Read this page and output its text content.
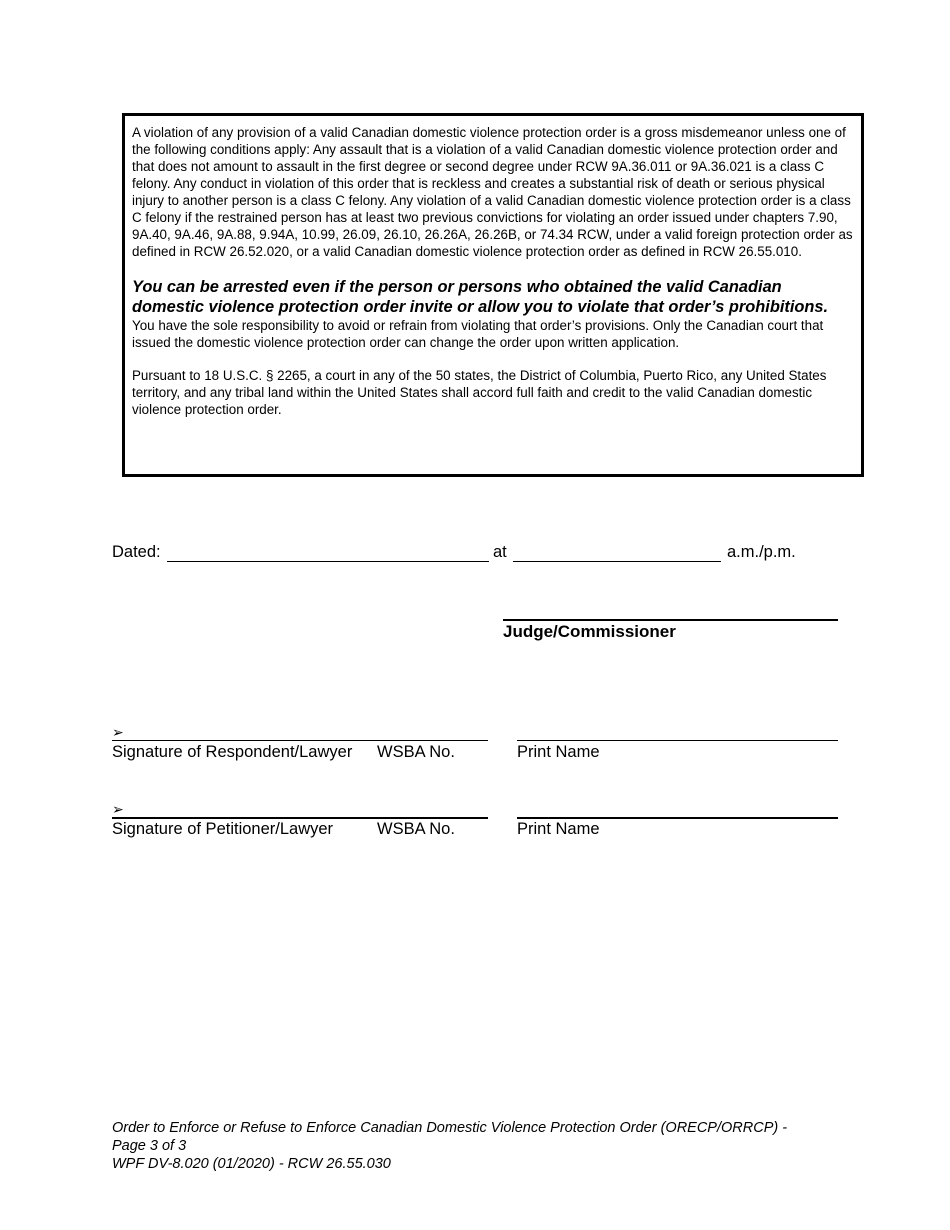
A violation of any provision of a valid Canadian domestic violence protection order is a gross misdemeanor unless one of the following conditions apply: Any assault that is a violation of a valid Canadian domestic violence protection order and that does not amount to assault in the first degree or second degree under RCW 9A.36.011 or 9A.36.021 is a class C felony. Any conduct in violation of this order that is reckless and creates a substantial risk of death or serious physical injury to another person is a class C felony. Any violation of a valid Canadian domestic violence protection order is a class C felony if the restrained person has at least two previous convictions for violating an order issued under chapters 7.90, 9A.40, 9A.46, 9A.88, 9.94A, 10.99, 26.09, 26.10, 26.26A, 26.26B, or 74.34 RCW, under a valid foreign protection order as defined in RCW 26.52.020, or a valid Canadian domestic violence protection order as defined in RCW 26.55.010.

You can be arrested even if the person or persons who obtained the valid Canadian domestic violence protection order invite or allow you to violate that order’s prohibitions. You have the sole responsibility to avoid or refrain from violating that order’s provisions. Only the Canadian court that issued the domestic violence protection order can change the order upon written application.

Pursuant to 18 U.S.C. § 2265, a court in any of the 50 states, the District of Columbia, Puerto Rico, any United States territory, and any tribal land within the United States shall accord full faith and credit to the valid Canadian domestic violence protection order.

Dated:	at	a.m./p.m.
Judge/Commissioner
➢
Signature of Respondent/Lawyer WSBA No.	Print Name
➢
Signature of Petitioner/Lawyer	WSBA No.	Print Name
Order to Enforce or Refuse to Enforce Canadian Domestic Violence Protection Order (ORECP/ORRCP) -
Page 3 of 3
WPF DV-8.020 (01/2020) - RCW 26.55.030
